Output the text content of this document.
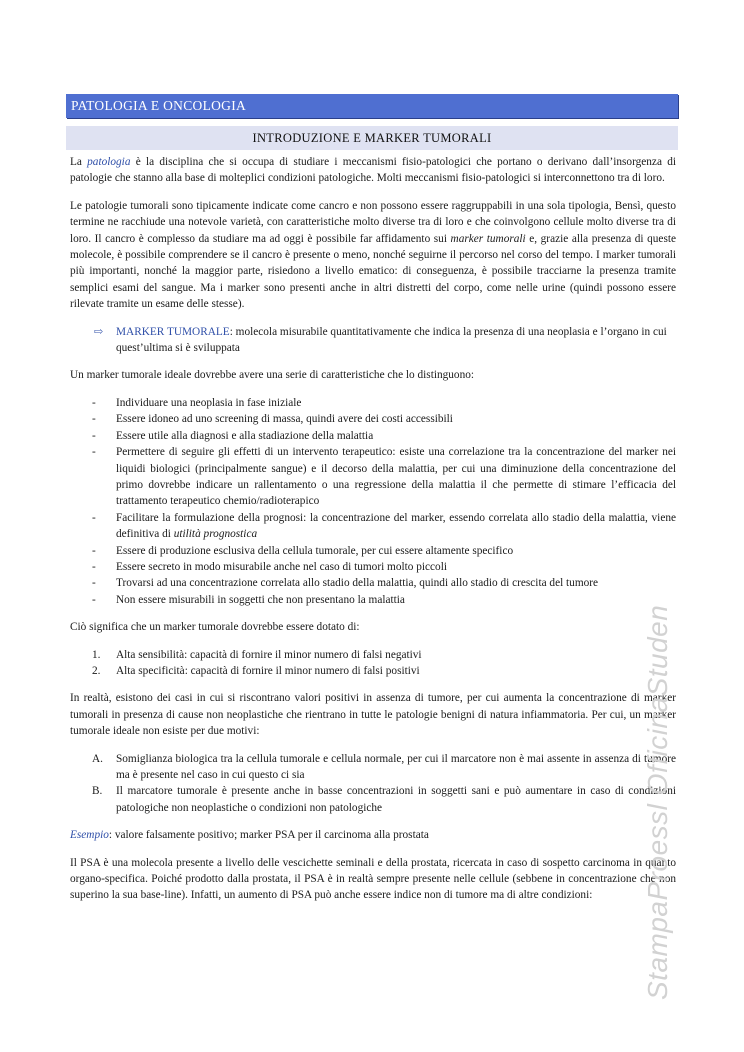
PATOLOGIA E ONCOLOGIA
INTRODUZIONE E MARKER TUMORALI

La patologia è la disciplina che si occupa di studiare i meccanismi fisio-patologici che portano o derivano dall’insorgenza di patologie che stanno alla base di molteplici condizioni patologiche. Molti meccanismi fisio-patologici si interconnettono tra di loro.

Le patologie tumorali sono tipicamente indicate come cancro e non possono essere raggruppabili in una sola tipologia, Bensì, questo termine ne racchiude una notevole varietà, con caratteristiche molto diverse tra di loro e che coinvolgono cellule molto diverse tra di loro. Il cancro è complesso da studiare ma ad oggi è possibile far affidamento sui marker tumorali e, grazie alla presenza di queste molecole, è possibile comprendere se il cancro è presente o meno, nonché seguirne il percorso nel corso del tempo. I marker tumorali più importanti, nonché la maggior parte, risiedono a livello ematico: di conseguenza, è possibile tracciarne la presenza tramite semplici esami del sangue. Ma i marker sono presenti anche in altri distretti del corpo, come nelle urine (quindi possono essere rilevate tramite un esame delle stesse).

⇨ MARKER TUMORALE: molecola misurabile quantitativamente che indica la presenza di una neoplasia e l’organo in cui quest’ultima si è sviluppata

Un marker tumorale ideale dovrebbe avere una serie di caratteristiche che lo distinguono:

- Individuare una neoplasia in fase iniziale
- Essere idoneo ad uno screening di massa, quindi avere dei costi accessibili
- Essere utile alla diagnosi e alla stadiazione della malattia
- Permettere di seguire gli effetti di un intervento terapeutico: esiste una correlazione tra la concentrazione del marker nei liquidi biologici (principalmente sangue) e il decorso della malattia, per cui una diminuzione della concentrazione del primo dovrebbe indicare un rallentamento o una regressione della malattia il che permette di stimare l’efficacia del trattamento terapeutico chemio/radioterapico
- Facilitare la formulazione della prognosi: la concentrazione del marker, essendo correlata allo stadio della malattia, viene definitiva di utilità prognostica
- Essere di produzione esclusiva della cellula tumorale, per cui essere altamente specifico
- Essere secreto in modo misurabile anche nel caso di tumori molto piccoli
- Trovarsi ad una concentrazione correlata allo stadio della malattia, quindi allo stadio di crescita del tumore
- Non essere misurabili in soggetti che non presentano la malattia

Ciò significa che un marker tumorale dovrebbe essere dotato di:

1. Alta sensibilità: capacità di fornire il minor numero di falsi negativi
2. Alta specificità: capacità di fornire il minor numero di falsi positivi

In realtà, esistono dei casi in cui si riscontrano valori positivi in assenza di tumore, per cui aumenta la concentrazione di marker tumorali in presenza di cause non neoplastiche che rientrano in tutte le patologie benigni di natura infiammatoria. Per cui, un marker tumorale ideale non esiste per due motivi:

A. Somiglianza biologica tra la cellula tumorale e cellula normale, per cui il marcatore non è mai assente in assenza di tumore ma è presente nel caso in cui questo ci sia
B. Il marcatore tumorale è presente anche in basse concentrazioni in soggetti sani e può aumentare in caso di condizioni patologiche non neoplastiche o condizioni non patologiche

Esempio: valore falsamente positivo; marker PSA per il carcinoma alla prostata

Il PSA è una molecola presente a livello delle vescichette seminali e della prostata, ricercata in caso di sospetto carcinoma in quanto organo-specifica. Poiché prodotto dalla prostata, il PSA è in realtà sempre presente nelle cellule (sebbene in concentrazione che non superino la sua base-line). Infatti, un aumento di PSA può anche essere indice non di tumore ma di altre condizioni:	StampaProessl OfficinaStuden
